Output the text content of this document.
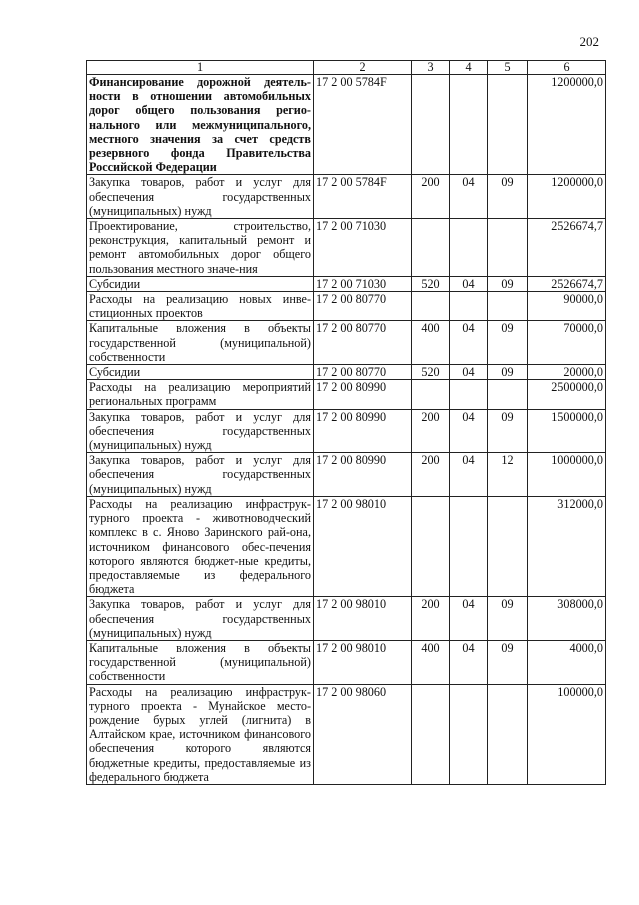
202
1	2	3	4	5	6
Финансирование дорожной деятель-ности в отношении автомобильных дорог общего пользования регио-нального или межмуниципального, местного значения за счет средств резервного фонда Правительства Российской Федерации	17 2 00 5784F				1200000,0
Закупка товаров, работ и услуг для обеспечения государственных (муниципальных) нужд	17 2 00 5784F	200	04	09	1200000,0
Проектирование, строительство, реконструкция, капитальный ремонт и ремонт автомобильных дорог общего пользования местного значе-ния	17 2 00 71030				2526674,7
Субсидии	17 2 00 71030	520	04	09	2526674,7
Расходы на реализацию новых инве-стиционных проектов	17 2 00 80770				90000,0
Капитальные вложения в объекты государственной (муниципальной) собственности	17 2 00 80770	400	04	09	70000,0
Субсидии	17 2 00 80770	520	04	09	20000,0
Расходы на реализацию мероприятий региональных программ	17 2 00 80990				2500000,0
Закупка товаров, работ и услуг для обеспечения государственных (муниципальных) нужд	17 2 00 80990	200	04	09	1500000,0
Закупка товаров, работ и услуг для обеспечения государственных (муниципальных) нужд	17 2 00 80990	200	04	12	1000000,0
Расходы на реализацию инфраструк-турного проекта - животноводческий комплекс в с. Яново Заринского рай-она, источником финансового обес-печения которого являются бюджет-ные кредиты, предоставляемые из федерального бюджета	17 2 00 98010				312000,0
Закупка товаров, работ и услуг для обеспечения государственных (муниципальных) нужд	17 2 00 98010	200	04	09	308000,0
Капитальные вложения в объекты государственной (муниципальной) собственности	17 2 00 98010	400	04	09	4000,0
Расходы на реализацию инфраструк-турного проекта - Мунайское место-рождение бурых углей (лигнита) в Алтайском крае, источником финансового обеспечения которого являются бюджетные кредиты, предоставляемые из федерального бюджета	17 2 00 98060				100000,0
